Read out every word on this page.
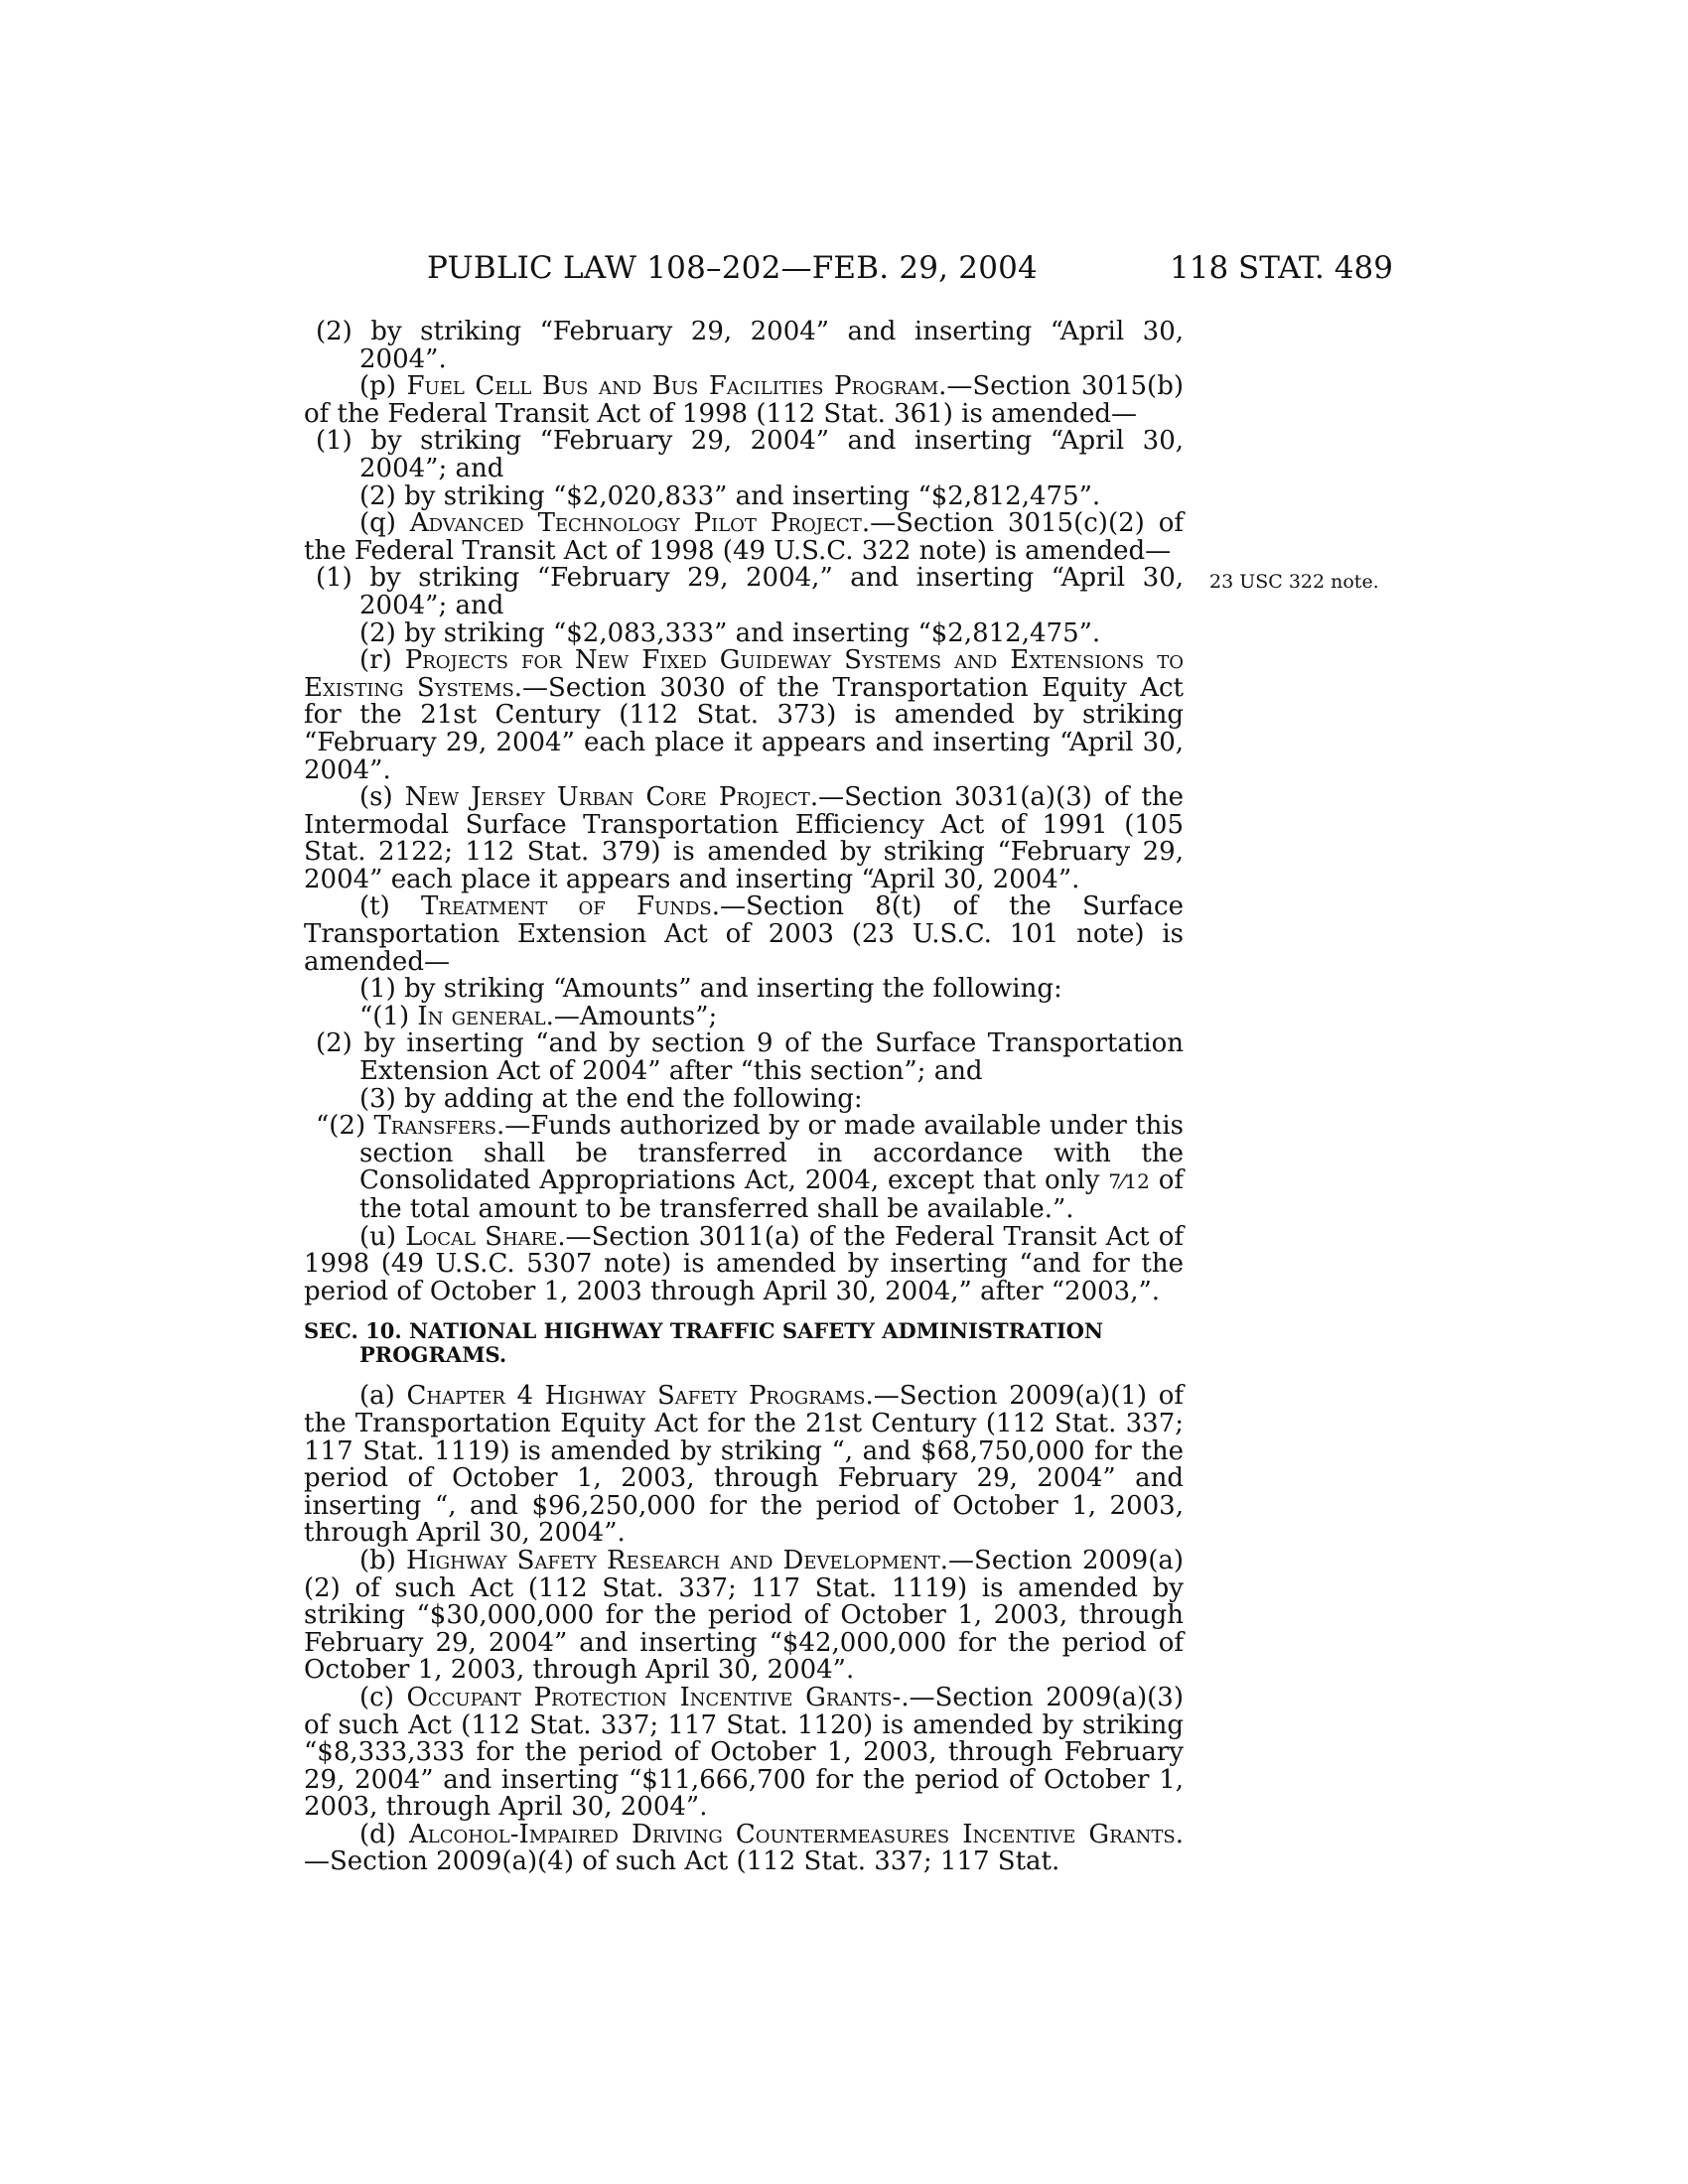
PUBLIC LAW 108–202—FEB. 29, 2004	118 STAT. 489
23 USC 322 note.

(2) by striking “February 29, 2004” and inserting “April 30, 2004”.

(p) Fuel Cell Bus and Bus Facilities Program.—Section 3015(b) of the Federal Transit Act of 1998 (112 Stat. 361) is amended—

(1) by striking “February 29, 2004” and inserting “April 30, 2004”; and

(2) by striking “$2,020,833” and inserting “$2,812,475”.

(q) Advanced Technology Pilot Project.—Section 3015(c)(2) of the Federal Transit Act of 1998 (49 U.S.C. 322 note) is amended—

(1) by striking “February 29, 2004,” and inserting “April 30, 2004”; and

(2) by striking “$2,083,333” and inserting “$2,812,475”.

(r) Projects for New Fixed Guideway Systems and Extensions to Existing Systems.—Section 3030 of the Transportation Equity Act for the 21st Century (112 Stat. 373) is amended by striking “February 29, 2004” each place it appears and inserting “April 30, 2004”.

(s) New Jersey Urban Core Project.—Section 3031(a)(3) of the Intermodal Surface Transportation Efficiency Act of 1991 (105 Stat. 2122; 112 Stat. 379) is amended by striking “February 29, 2004” each place it appears and inserting “April 30, 2004”.

(t) Treatment of Funds.—Section 8(t) of the Surface Transportation Extension Act of 2003 (23 U.S.C. 101 note) is amended—

(1) by striking “Amounts” and inserting the following:

“(1) In general.—Amounts”;

(2) by inserting “and by section 9 of the Surface Transportation Extension Act of 2004” after “this section”; and

(3) by adding at the end the following:

“(2) Transfers.—Funds authorized by or made available under this section shall be transferred in accordance with the Consolidated Appropriations Act, 2004, except that only 7⁄12 of the total amount to be transferred shall be available.”.

(u) Local Share.—Section 3011(a) of the Federal Transit Act of 1998 (49 U.S.C. 5307 note) is amended by inserting “and for the period of October 1, 2003 through April 30, 2004,” after “2003,”.

SEC. 10. NATIONAL HIGHWAY TRAFFIC SAFETY ADMINISTRATION PROGRAMS.

(a) Chapter 4 Highway Safety Programs.—Section 2009(a)(1) of the Transportation Equity Act for the 21st Century (112 Stat. 337; 117 Stat. 1119) is amended by striking “, and $68,750,000 for the period of October 1, 2003, through February 29, 2004” and inserting “, and $96,250,000 for the period of October 1, 2003, through April 30, 2004”.

(b) Highway Safety Research and Development.—Section 2009(a)(2) of such Act (112 Stat. 337; 117 Stat. 1119) is amended by striking “$30,000,000 for the period of October 1, 2003, through February 29, 2004” and inserting “$42,000,000 for the period of October 1, 2003, through April 30, 2004”.

(c) Occupant Protection Incentive Grants-.—Section 2009(a)(3) of such Act (112 Stat. 337; 117 Stat. 1120) is amended by striking “$8,333,333 for the period of October 1, 2003, through February 29, 2004” and inserting “$11,666,700 for the period of October 1, 2003, through April 30, 2004”.

(d) Alcohol-Impaired Driving Countermeasures Incentive Grants.—Section 2009(a)(4) of such Act (112 Stat. 337; 117 Stat.
